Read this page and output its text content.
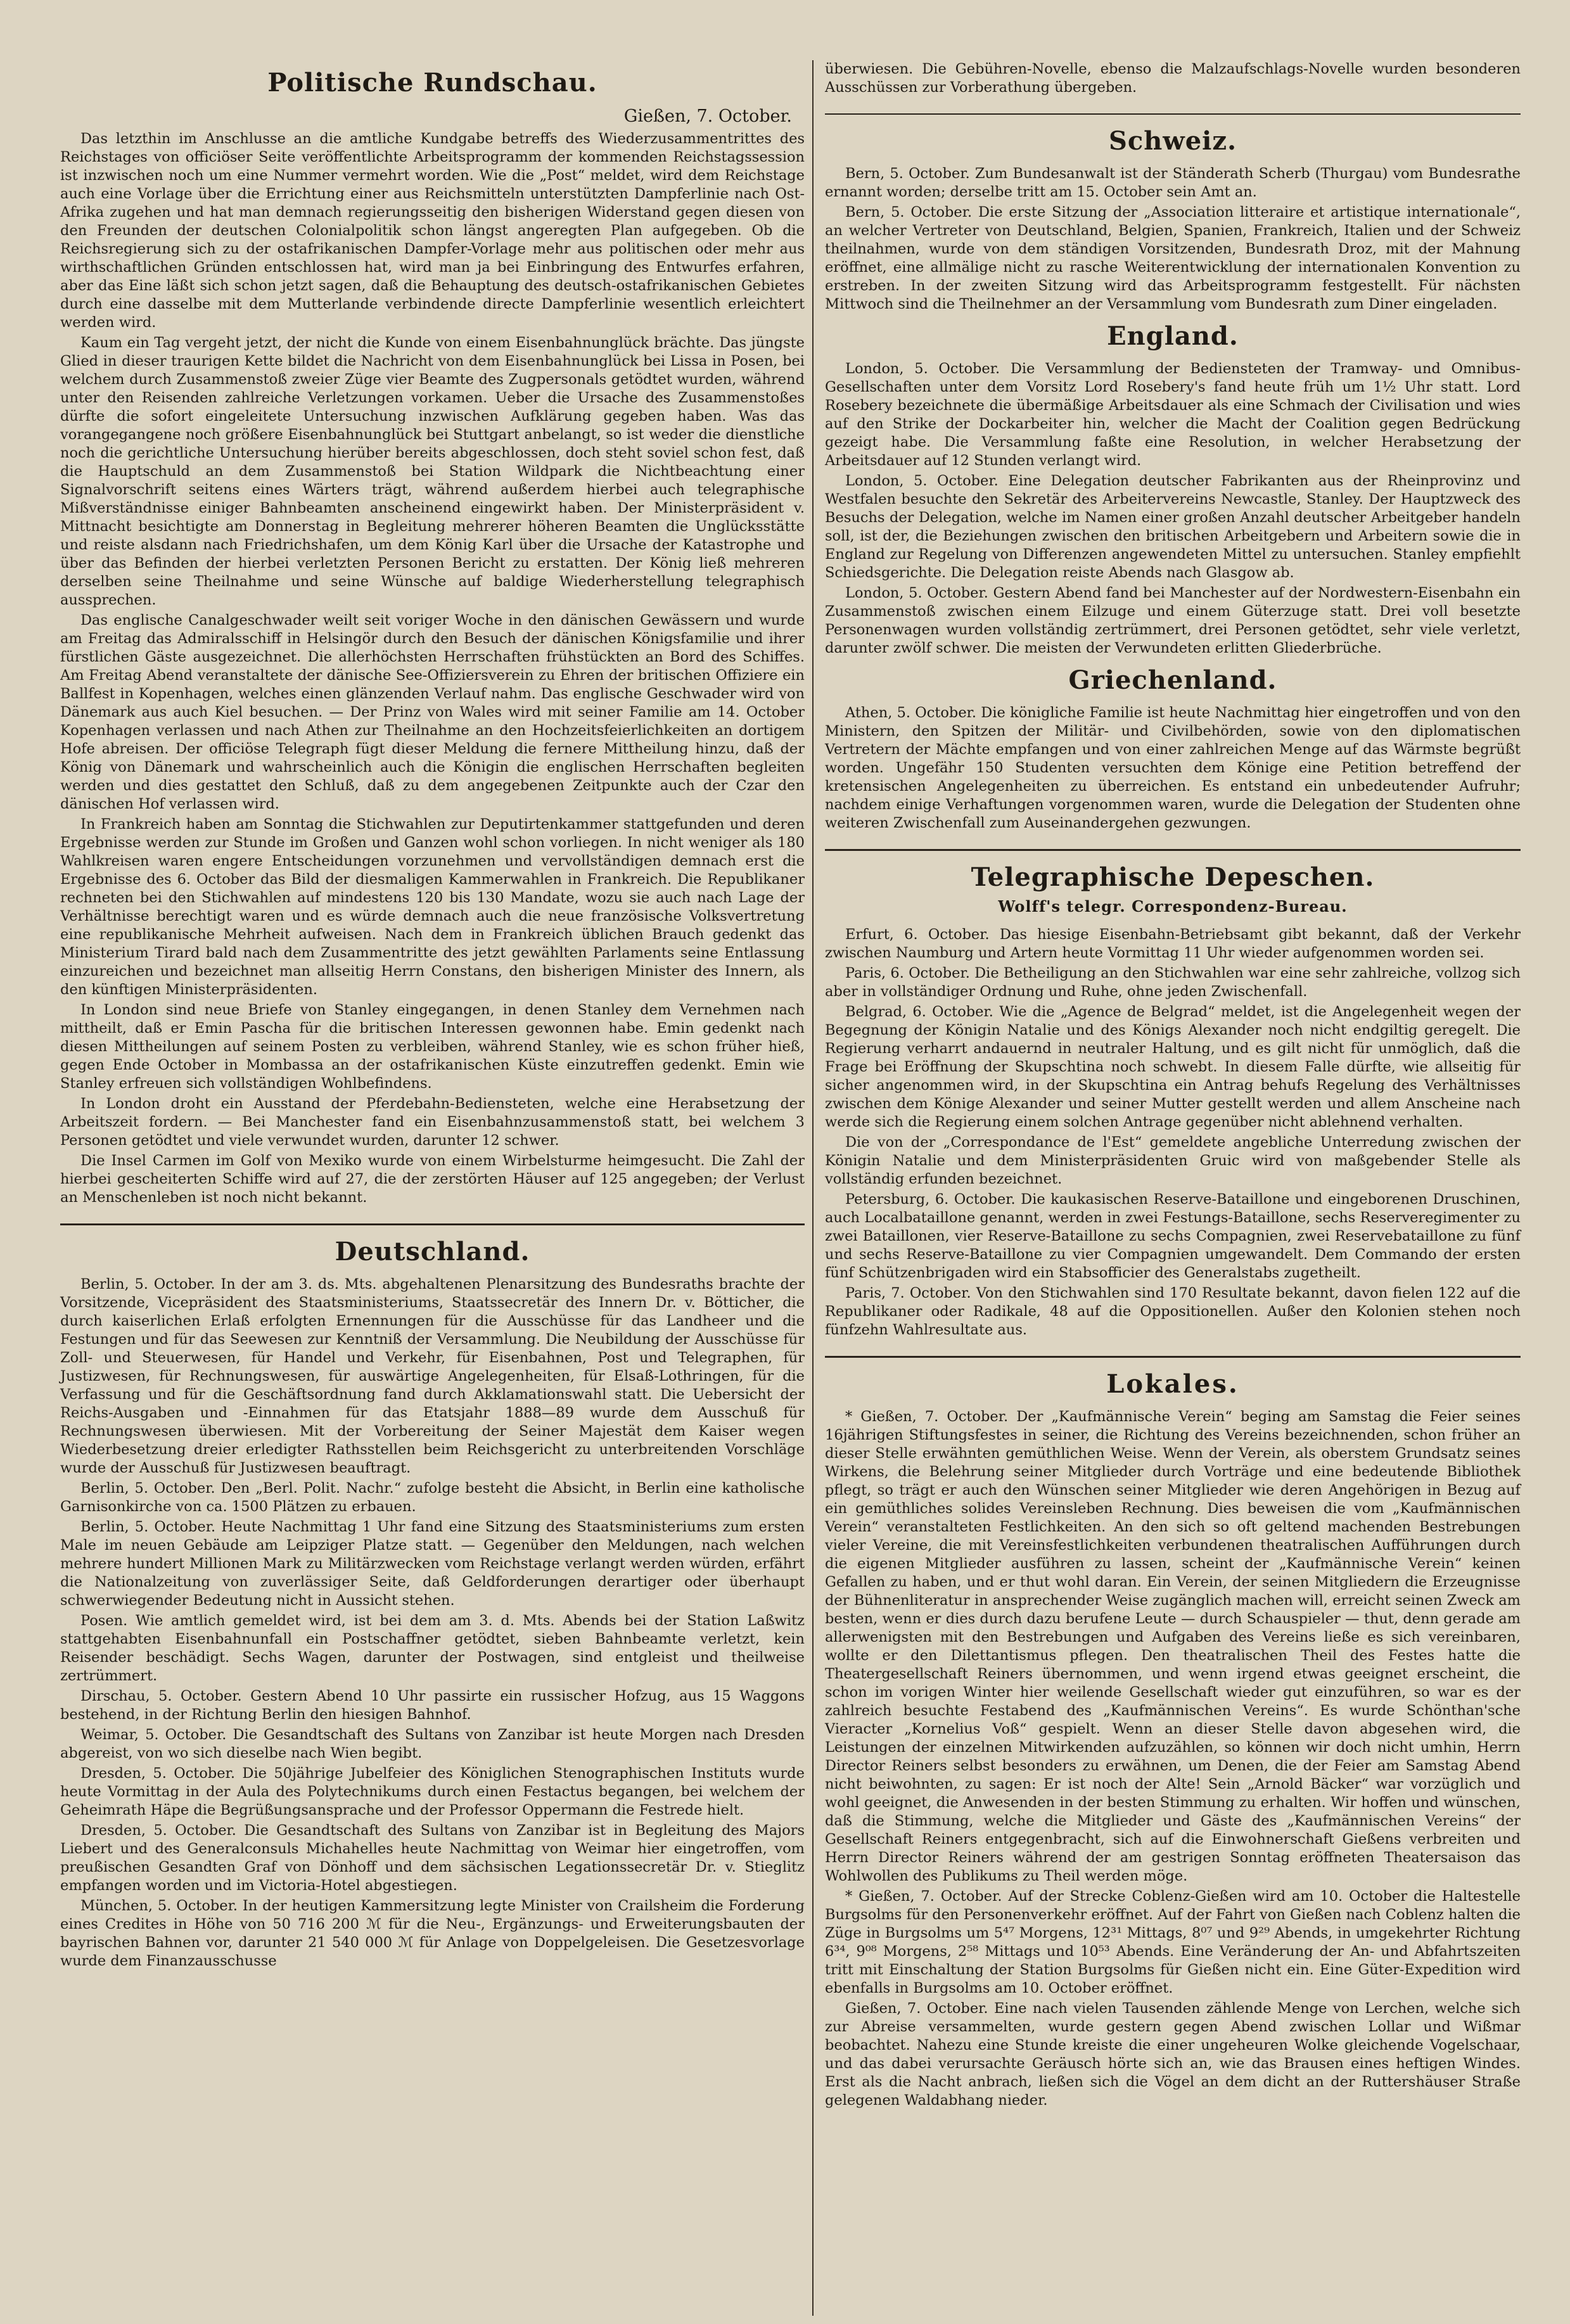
Politische Rundschau.
Gießen, 7. October.

Das letzthin im Anschlusse an die amtliche Kundgabe betreffs des Wiederzusammentrittes des Reichstages von officiöser Seite veröffentlichte Arbeitsprogramm der kommenden Reichstagssession ist inzwischen noch um eine Nummer vermehrt worden. Wie die „Post“ meldet, wird dem Reichstage auch eine Vorlage über die Errichtung einer aus Reichsmitteln unterstützten Dampferlinie nach Ost-Afrika zugehen und hat man demnach regierungsseitig den bisherigen Widerstand gegen diesen von den Freunden der deutschen Colonialpolitik schon längst angeregten Plan aufgegeben. Ob die Reichsregierung sich zu der ostafrikanischen Dampfer-Vorlage mehr aus politischen oder mehr aus wirthschaftlichen Gründen entschlossen hat, wird man ja bei Einbringung des Entwurfes erfahren, aber das Eine läßt sich schon jetzt sagen, daß die Behauptung des deutsch-ostafrikanischen Gebietes durch eine dasselbe mit dem Mutterlande verbindende directe Dampferlinie wesentlich erleichtert werden wird.

Kaum ein Tag vergeht jetzt, der nicht die Kunde von einem Eisenbahnunglück brächte. Das jüngste Glied in dieser traurigen Kette bildet die Nachricht von dem Eisenbahnunglück bei Lissa in Posen, bei welchem durch Zusammenstoß zweier Züge vier Beamte des Zugpersonals getödtet wurden, während unter den Reisenden zahlreiche Verletzungen vorkamen. Ueber die Ursache des Zusammenstoßes dürfte die sofort eingeleitete Untersuchung inzwischen Aufklärung gegeben haben. Was das vorangegangene noch größere Eisenbahnunglück bei Stuttgart anbelangt, so ist weder die dienstliche noch die gerichtliche Untersuchung hierüber bereits abgeschlossen, doch steht soviel schon fest, daß die Hauptschuld an dem Zusammenstoß bei Station Wildpark die Nichtbeachtung einer Signalvorschrift seitens eines Wärters trägt, während außerdem hierbei auch telegraphische Mißverständnisse einiger Bahnbeamten anscheinend eingewirkt haben. Der Ministerpräsident v. Mittnacht besichtigte am Donnerstag in Begleitung mehrerer höheren Beamten die Unglücksstätte und reiste alsdann nach Friedrichshafen, um dem König Karl über die Ursache der Katastrophe und über das Befinden der hierbei verletzten Personen Bericht zu erstatten. Der König ließ mehreren derselben seine Theilnahme und seine Wünsche auf baldige Wiederherstellung telegraphisch aussprechen.

Das englische Canalgeschwader weilt seit voriger Woche in den dänischen Gewässern und wurde am Freitag das Admiralsschiff in Helsingör durch den Besuch der dänischen Königsfamilie und ihrer fürstlichen Gäste ausgezeichnet. Die allerhöchsten Herrschaften frühstückten an Bord des Schiffes. Am Freitag Abend veranstaltete der dänische See-Offiziersverein zu Ehren der britischen Offiziere ein Ballfest in Kopenhagen, welches einen glänzenden Verlauf nahm. Das englische Geschwader wird von Dänemark aus auch Kiel besuchen. — Der Prinz von Wales wird mit seiner Familie am 14. October Kopenhagen verlassen und nach Athen zur Theilnahme an den Hochzeitsfeierlichkeiten an dortigem Hofe abreisen. Der officiöse Telegraph fügt dieser Meldung die fernere Mittheilung hinzu, daß der König von Dänemark und wahrscheinlich auch die Königin die englischen Herrschaften begleiten werden und dies gestattet den Schluß, daß zu dem angegebenen Zeitpunkte auch der Czar den dänischen Hof verlassen wird.

In Frankreich haben am Sonntag die Stichwahlen zur Deputirtenkammer stattgefunden und deren Ergebnisse werden zur Stunde im Großen und Ganzen wohl schon vorliegen. In nicht weniger als 180 Wahlkreisen waren engere Entscheidungen vorzunehmen und vervollständigen demnach erst die Ergebnisse des 6. October das Bild der diesmaligen Kammerwahlen in Frankreich. Die Republikaner rechneten bei den Stichwahlen auf mindestens 120 bis 130 Mandate, wozu sie auch nach Lage der Verhältnisse berechtigt waren und es würde demnach auch die neue französische Volksvertretung eine republikanische Mehrheit aufweisen. Nach dem in Frankreich üblichen Brauch gedenkt das Ministerium Tirard bald nach dem Zusammentritte des jetzt gewählten Parlaments seine Entlassung einzureichen und bezeichnet man allseitig Herrn Constans, den bisherigen Minister des Innern, als den künftigen Ministerpräsidenten.

In London sind neue Briefe von Stanley eingegangen, in denen Stanley dem Vernehmen nach mittheilt, daß er Emin Pascha für die britischen Interessen gewonnen habe. Emin gedenkt nach diesen Mittheilungen auf seinem Posten zu verbleiben, während Stanley, wie es schon früher hieß, gegen Ende October in Mombassa an der ostafrikanischen Küste einzutreffen gedenkt. Emin wie Stanley erfreuen sich vollständigen Wohlbefindens.

In London droht ein Ausstand der Pferdebahn-Bediensteten, welche eine Herabsetzung der Arbeitszeit fordern. — Bei Manchester fand ein Eisenbahnzusammenstoß statt, bei welchem 3 Personen getödtet und viele verwundet wurden, darunter 12 schwer.

Die Insel Carmen im Golf von Mexiko wurde von einem Wirbelsturme heimgesucht. Die Zahl der hierbei gescheiterten Schiffe wird auf 27, die der zerstörten Häuser auf 125 angegeben; der Verlust an Menschenleben ist noch nicht bekannt.

Deutschland.

Berlin, 5. October. In der am 3. ds. Mts. abgehaltenen Plenarsitzung des Bundesraths brachte der Vorsitzende, Vicepräsident des Staatsministeriums, Staatssecretär des Innern Dr. v. Bötticher, die durch kaiserlichen Erlaß erfolgten Ernennungen für die Ausschüsse für das Landheer und die Festungen und für das Seewesen zur Kenntniß der Versammlung. Die Neubildung der Ausschüsse für Zoll- und Steuerwesen, für Handel und Verkehr, für Eisenbahnen, Post und Telegraphen, für Justizwesen, für Rechnungswesen, für auswärtige Angelegenheiten, für Elsaß-Lothringen, für die Verfassung und für die Geschäftsordnung fand durch Akklamationswahl statt. Die Uebersicht der Reichs-Ausgaben und -Einnahmen für das Etatsjahr 1888—89 wurde dem Ausschuß für Rechnungswesen überwiesen. Mit der Vorbereitung der Seiner Majestät dem Kaiser wegen Wiederbesetzung dreier erledigter Rathsstellen beim Reichsgericht zu unterbreitenden Vorschläge wurde der Ausschuß für Justizwesen beauftragt.

Berlin, 5. October. Den „Berl. Polit. Nachr.“ zufolge besteht die Absicht, in Berlin eine katholische Garnisonkirche von ca. 1500 Plätzen zu erbauen.

Berlin, 5. October. Heute Nachmittag 1 Uhr fand eine Sitzung des Staatsministeriums zum ersten Male im neuen Gebäude am Leipziger Platze statt. — Gegenüber den Meldungen, nach welchen mehrere hundert Millionen Mark zu Militärzwecken vom Reichstage verlangt werden würden, erfährt die Nationalzeitung von zuverlässiger Seite, daß Geldforderungen derartiger oder überhaupt schwerwiegender Bedeutung nicht in Aussicht stehen.

Posen. Wie amtlich gemeldet wird, ist bei dem am 3. d. Mts. Abends bei der Station Laßwitz stattgehabten Eisenbahnunfall ein Postschaffner getödtet, sieben Bahnbeamte verletzt, kein Reisender beschädigt. Sechs Wagen, darunter der Postwagen, sind entgleist und theilweise zertrümmert.

Dirschau, 5. October. Gestern Abend 10 Uhr passirte ein russischer Hofzug, aus 15 Waggons bestehend, in der Richtung Berlin den hiesigen Bahnhof.

Weimar, 5. October. Die Gesandtschaft des Sultans von Zanzibar ist heute Morgen nach Dresden abgereist, von wo sich dieselbe nach Wien begibt.

Dresden, 5. October. Die 50jährige Jubelfeier des Königlichen Stenographischen Instituts wurde heute Vormittag in der Aula des Polytechnikums durch einen Festactus begangen, bei welchem der Geheimrath Häpe die Begrüßungsansprache und der Professor Oppermann die Festrede hielt.

Dresden, 5. October. Die Gesandtschaft des Sultans von Zanzibar ist in Begleitung des Majors Liebert und des Generalconsuls Michahelles heute Nachmittag von Weimar hier eingetroffen, vom preußischen Gesandten Graf von Dönhoff und dem sächsischen Legationssecretär Dr. v. Stieglitz empfangen worden und im Victoria-Hotel abgestiegen.

München, 5. October. In der heutigen Kammersitzung legte Minister von Crailsheim die Forderung eines Credites in Höhe von 50 716 200 ℳ für die Neu-, Ergänzungs- und Erweiterungsbauten der bayrischen Bahnen vor, darunter 21 540 000 ℳ für Anlage von Doppelgeleisen. Die Gesetzesvorlage wurde dem Finanzausschusse

überwiesen. Die Gebühren-Novelle, ebenso die Malzaufschlags-Novelle wurden besonderen Ausschüssen zur Vorberathung übergeben.

Schweiz.

Bern, 5. October. Zum Bundesanwalt ist der Ständerath Scherb (Thurgau) vom Bundesrathe ernannt worden; derselbe tritt am 15. October sein Amt an.

Bern, 5. October. Die erste Sitzung der „Association litteraire et artistique internationale“, an welcher Vertreter von Deutschland, Belgien, Spanien, Frankreich, Italien und der Schweiz theilnahmen, wurde von dem ständigen Vorsitzenden, Bundesrath Droz, mit der Mahnung eröffnet, eine allmälige nicht zu rasche Weiterentwicklung der internationalen Konvention zu erstreben. In der zweiten Sitzung wird das Arbeitsprogramm festgestellt. Für nächsten Mittwoch sind die Theilnehmer an der Versammlung vom Bundesrath zum Diner eingeladen.

England.

London, 5. October. Die Versammlung der Bediensteten der Tramway- und Omnibus-Gesellschaften unter dem Vorsitz Lord Rosebery's fand heute früh um 1½ Uhr statt. Lord Rosebery bezeichnete die übermäßige Arbeitsdauer als eine Schmach der Civilisation und wies auf den Strike der Dockarbeiter hin, welcher die Macht der Coalition gegen Bedrückung gezeigt habe. Die Versammlung faßte eine Resolution, in welcher Herabsetzung der Arbeitsdauer auf 12 Stunden verlangt wird.

London, 5. October. Eine Delegation deutscher Fabrikanten aus der Rheinprovinz und Westfalen besuchte den Sekretär des Arbeitervereins Newcastle, Stanley. Der Hauptzweck des Besuchs der Delegation, welche im Namen einer großen Anzahl deutscher Arbeitgeber handeln soll, ist der, die Beziehungen zwischen den britischen Arbeitgebern und Arbeitern sowie die in England zur Regelung von Differenzen angewendeten Mittel zu untersuchen. Stanley empfiehlt Schiedsgerichte. Die Delegation reiste Abends nach Glasgow ab.

London, 5. October. Gestern Abend fand bei Manchester auf der Nordwestern-Eisenbahn ein Zusammenstoß zwischen einem Eilzuge und einem Güterzuge statt. Drei voll besetzte Personenwagen wurden vollständig zertrümmert, drei Personen getödtet, sehr viele verletzt, darunter zwölf schwer. Die meisten der Verwundeten erlitten Gliederbrüche.

Griechenland.

Athen, 5. October. Die königliche Familie ist heute Nachmittag hier eingetroffen und von den Ministern, den Spitzen der Militär- und Civilbehörden, sowie von den diplomatischen Vertretern der Mächte empfangen und von einer zahlreichen Menge auf das Wärmste begrüßt worden. Ungefähr 150 Studenten versuchten dem Könige eine Petition betreffend der kretensischen Angelegenheiten zu überreichen. Es entstand ein unbedeutender Aufruhr; nachdem einige Verhaftungen vorgenommen waren, wurde die Delegation der Studenten ohne weiteren Zwischenfall zum Auseinandergehen gezwungen.

Telegraphische Depeschen.
Wolff's telegr. Correspondenz-Bureau.

Erfurt, 6. October. Das hiesige Eisenbahn-Betriebsamt gibt bekannt, daß der Verkehr zwischen Naumburg und Artern heute Vormittag 11 Uhr wieder aufgenommen worden sei.

Paris, 6. October. Die Betheiligung an den Stichwahlen war eine sehr zahlreiche, vollzog sich aber in vollständiger Ordnung und Ruhe, ohne jeden Zwischenfall.

Belgrad, 6. October. Wie die „Agence de Belgrad“ meldet, ist die Angelegenheit wegen der Begegnung der Königin Natalie und des Königs Alexander noch nicht endgiltig geregelt. Die Regierung verharrt andauernd in neutraler Haltung, und es gilt nicht für unmöglich, daß die Frage bei Eröffnung der Skupschtina noch schwebt. In diesem Falle dürfte, wie allseitig für sicher angenommen wird, in der Skupschtina ein Antrag behufs Regelung des Verhältnisses zwischen dem Könige Alexander und seiner Mutter gestellt werden und allem Anscheine nach werde sich die Regierung einem solchen Antrage gegenüber nicht ablehnend verhalten.

Die von der „Correspondance de l'Est“ gemeldete angebliche Unterredung zwischen der Königin Natalie und dem Ministerpräsidenten Gruic wird von maßgebender Stelle als vollständig erfunden bezeichnet.

Petersburg, 6. October. Die kaukasischen Reserve-Bataillone und eingeborenen Druschinen, auch Localbataillone genannt, werden in zwei Festungs-Bataillone, sechs Reserveregimenter zu zwei Bataillonen, vier Reserve-Bataillone zu sechs Compagnien, zwei Reservebataillone zu fünf und sechs Reserve-Bataillone zu vier Compagnien umgewandelt. Dem Commando der ersten fünf Schützenbrigaden wird ein Stabsofficier des Generalstabs zugetheilt.

Paris, 7. October. Von den Stichwahlen sind 170 Resultate bekannt, davon fielen 122 auf die Republikaner oder Radikale, 48 auf die Oppositionellen. Außer den Kolonien stehen noch fünfzehn Wahlresultate aus.

Lokales.

* Gießen, 7. October. Der „Kaufmännische Verein“ beging am Samstag die Feier seines 16jährigen Stiftungsfestes in seiner, die Richtung des Vereins bezeichnenden, schon früher an dieser Stelle erwähnten gemüthlichen Weise. Wenn der Verein, als oberstem Grundsatz seines Wirkens, die Belehrung seiner Mitglieder durch Vorträge und eine bedeutende Bibliothek pflegt, so trägt er auch den Wünschen seiner Mitglieder wie deren Angehörigen in Bezug auf ein gemüthliches solides Vereinsleben Rechnung. Dies beweisen die vom „Kaufmännischen Verein“ veranstalteten Festlichkeiten. An den sich so oft geltend machenden Bestrebungen vieler Vereine, die mit Vereinsfestlichkeiten verbundenen theatralischen Aufführungen durch die eigenen Mitglieder ausführen zu lassen, scheint der „Kaufmännische Verein“ keinen Gefallen zu haben, und er thut wohl daran. Ein Verein, der seinen Mitgliedern die Erzeugnisse der Bühnenliteratur in ansprechender Weise zugänglich machen will, erreicht seinen Zweck am besten, wenn er dies durch dazu berufene Leute — durch Schauspieler — thut, denn gerade am allerwenigsten mit den Bestrebungen und Aufgaben des Vereins ließe es sich vereinbaren, wollte er den Dilettantismus pflegen. Den theatralischen Theil des Festes hatte die Theatergesellschaft Reiners übernommen, und wenn irgend etwas geeignet erscheint, die schon im vorigen Winter hier weilende Gesellschaft wieder gut einzuführen, so war es der zahlreich besuchte Festabend des „Kaufmännischen Vereins“. Es wurde Schönthan'sche Vieracter „Kornelius Voß“ gespielt. Wenn an dieser Stelle davon abgesehen wird, die Leistungen der einzelnen Mitwirkenden aufzuzählen, so können wir doch nicht umhin, Herrn Director Reiners selbst besonders zu erwähnen, um Denen, die der Feier am Samstag Abend nicht beiwohnten, zu sagen: Er ist noch der Alte! Sein „Arnold Bäcker“ war vorzüglich und wohl geeignet, die Anwesenden in der besten Stimmung zu erhalten. Wir hoffen und wünschen, daß die Stimmung, welche die Mitglieder und Gäste des „Kaufmännischen Vereins“ der Gesellschaft Reiners entgegenbracht, sich auf die Einwohnerschaft Gießens verbreiten und Herrn Director Reiners während der am gestrigen Sonntag eröffneten Theatersaison das Wohlwollen des Publikums zu Theil werden möge.

* Gießen, 7. October. Auf der Strecke Coblenz-Gießen wird am 10. October die Haltestelle Burgsolms für den Personenverkehr eröffnet. Auf der Fahrt von Gießen nach Coblenz halten die Züge in Burgsolms um 5⁴⁷ Morgens, 12³¹ Mittags, 8⁰⁷ und 9²⁹ Abends, in umgekehrter Richtung 6³⁴, 9⁰⁸ Morgens, 2⁵⁸ Mittags und 10⁵³ Abends. Eine Veränderung der An- und Abfahrtszeiten tritt mit Einschaltung der Station Burgsolms für Gießen nicht ein. Eine Güter-Expedition wird ebenfalls in Burgsolms am 10. October eröffnet.

Gießen, 7. October. Eine nach vielen Tausenden zählende Menge von Lerchen, welche sich zur Abreise versammelten, wurde gestern gegen Abend zwischen Lollar und Wißmar beobachtet. Nahezu eine Stunde kreiste die einer ungeheuren Wolke gleichende Vogelschaar, und das dabei verursachte Geräusch hörte sich an, wie das Brausen eines heftigen Windes. Erst als die Nacht anbrach, ließen sich die Vögel an dem dicht an der Ruttershäuser Straße gelegenen Waldabhang nieder.
